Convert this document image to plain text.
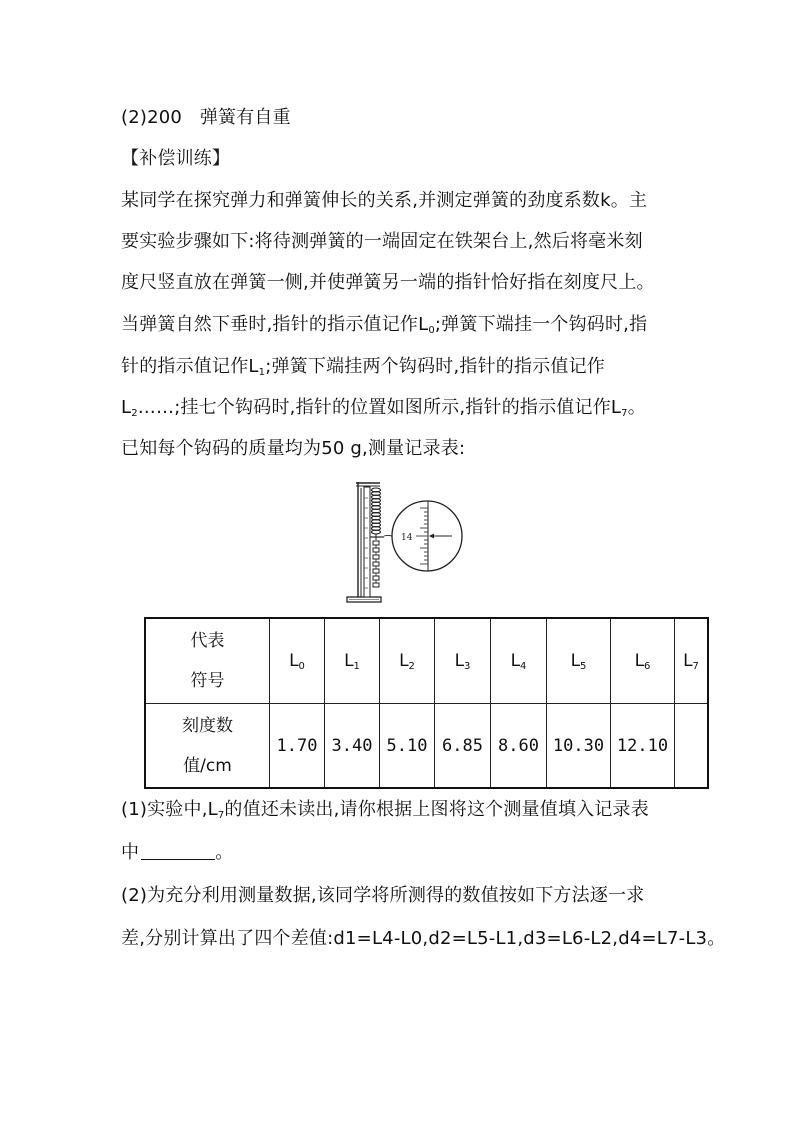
(2)200 弹簧有自重
【补偿训练】
某同学在探究弹力和弹簧伸长的关系,并测定弹簧的劲度系数k。主
要实验步骤如下:将待测弹簧的一端固定在铁架台上,然后将毫米刻
度尺竖直放在弹簧一侧,并使弹簧另一端的指针恰好指在刻度尺上。
当弹簧自然下垂时,指针的指示值记作$L_0$;弹簧下端挂一个钩码时,指
针的指示值记作$L_1$;弹簧下端挂两个钩码时,指针的指示值记作
$L_2\dots\dots$;挂七个钩码时,指针的位置如图所示,指针的指示值记作$L_7$。
已知每个钩码的质量均为50 g,测量记录表:
14
代表
符号	$L_0$	$L_1$	$L_2$	$L_3$	$L_4$	$L_5$	$L_6$	$L_7$

刻度数
值/cm	1.70	3.40	5.10	6.85	8.60	10.30	12.10	
(1)实验中$,L_7$的值还未读出,请你根据上图将这个测量值填入记录表
中	。
(2)为充分利用测量数据,该同学将所测得的数值按如下方法逐一求
差,分别计算出了四个差值:d1=L4-L0,d2=L5-L1,d3=L6-L2,d4=L7-L3。
